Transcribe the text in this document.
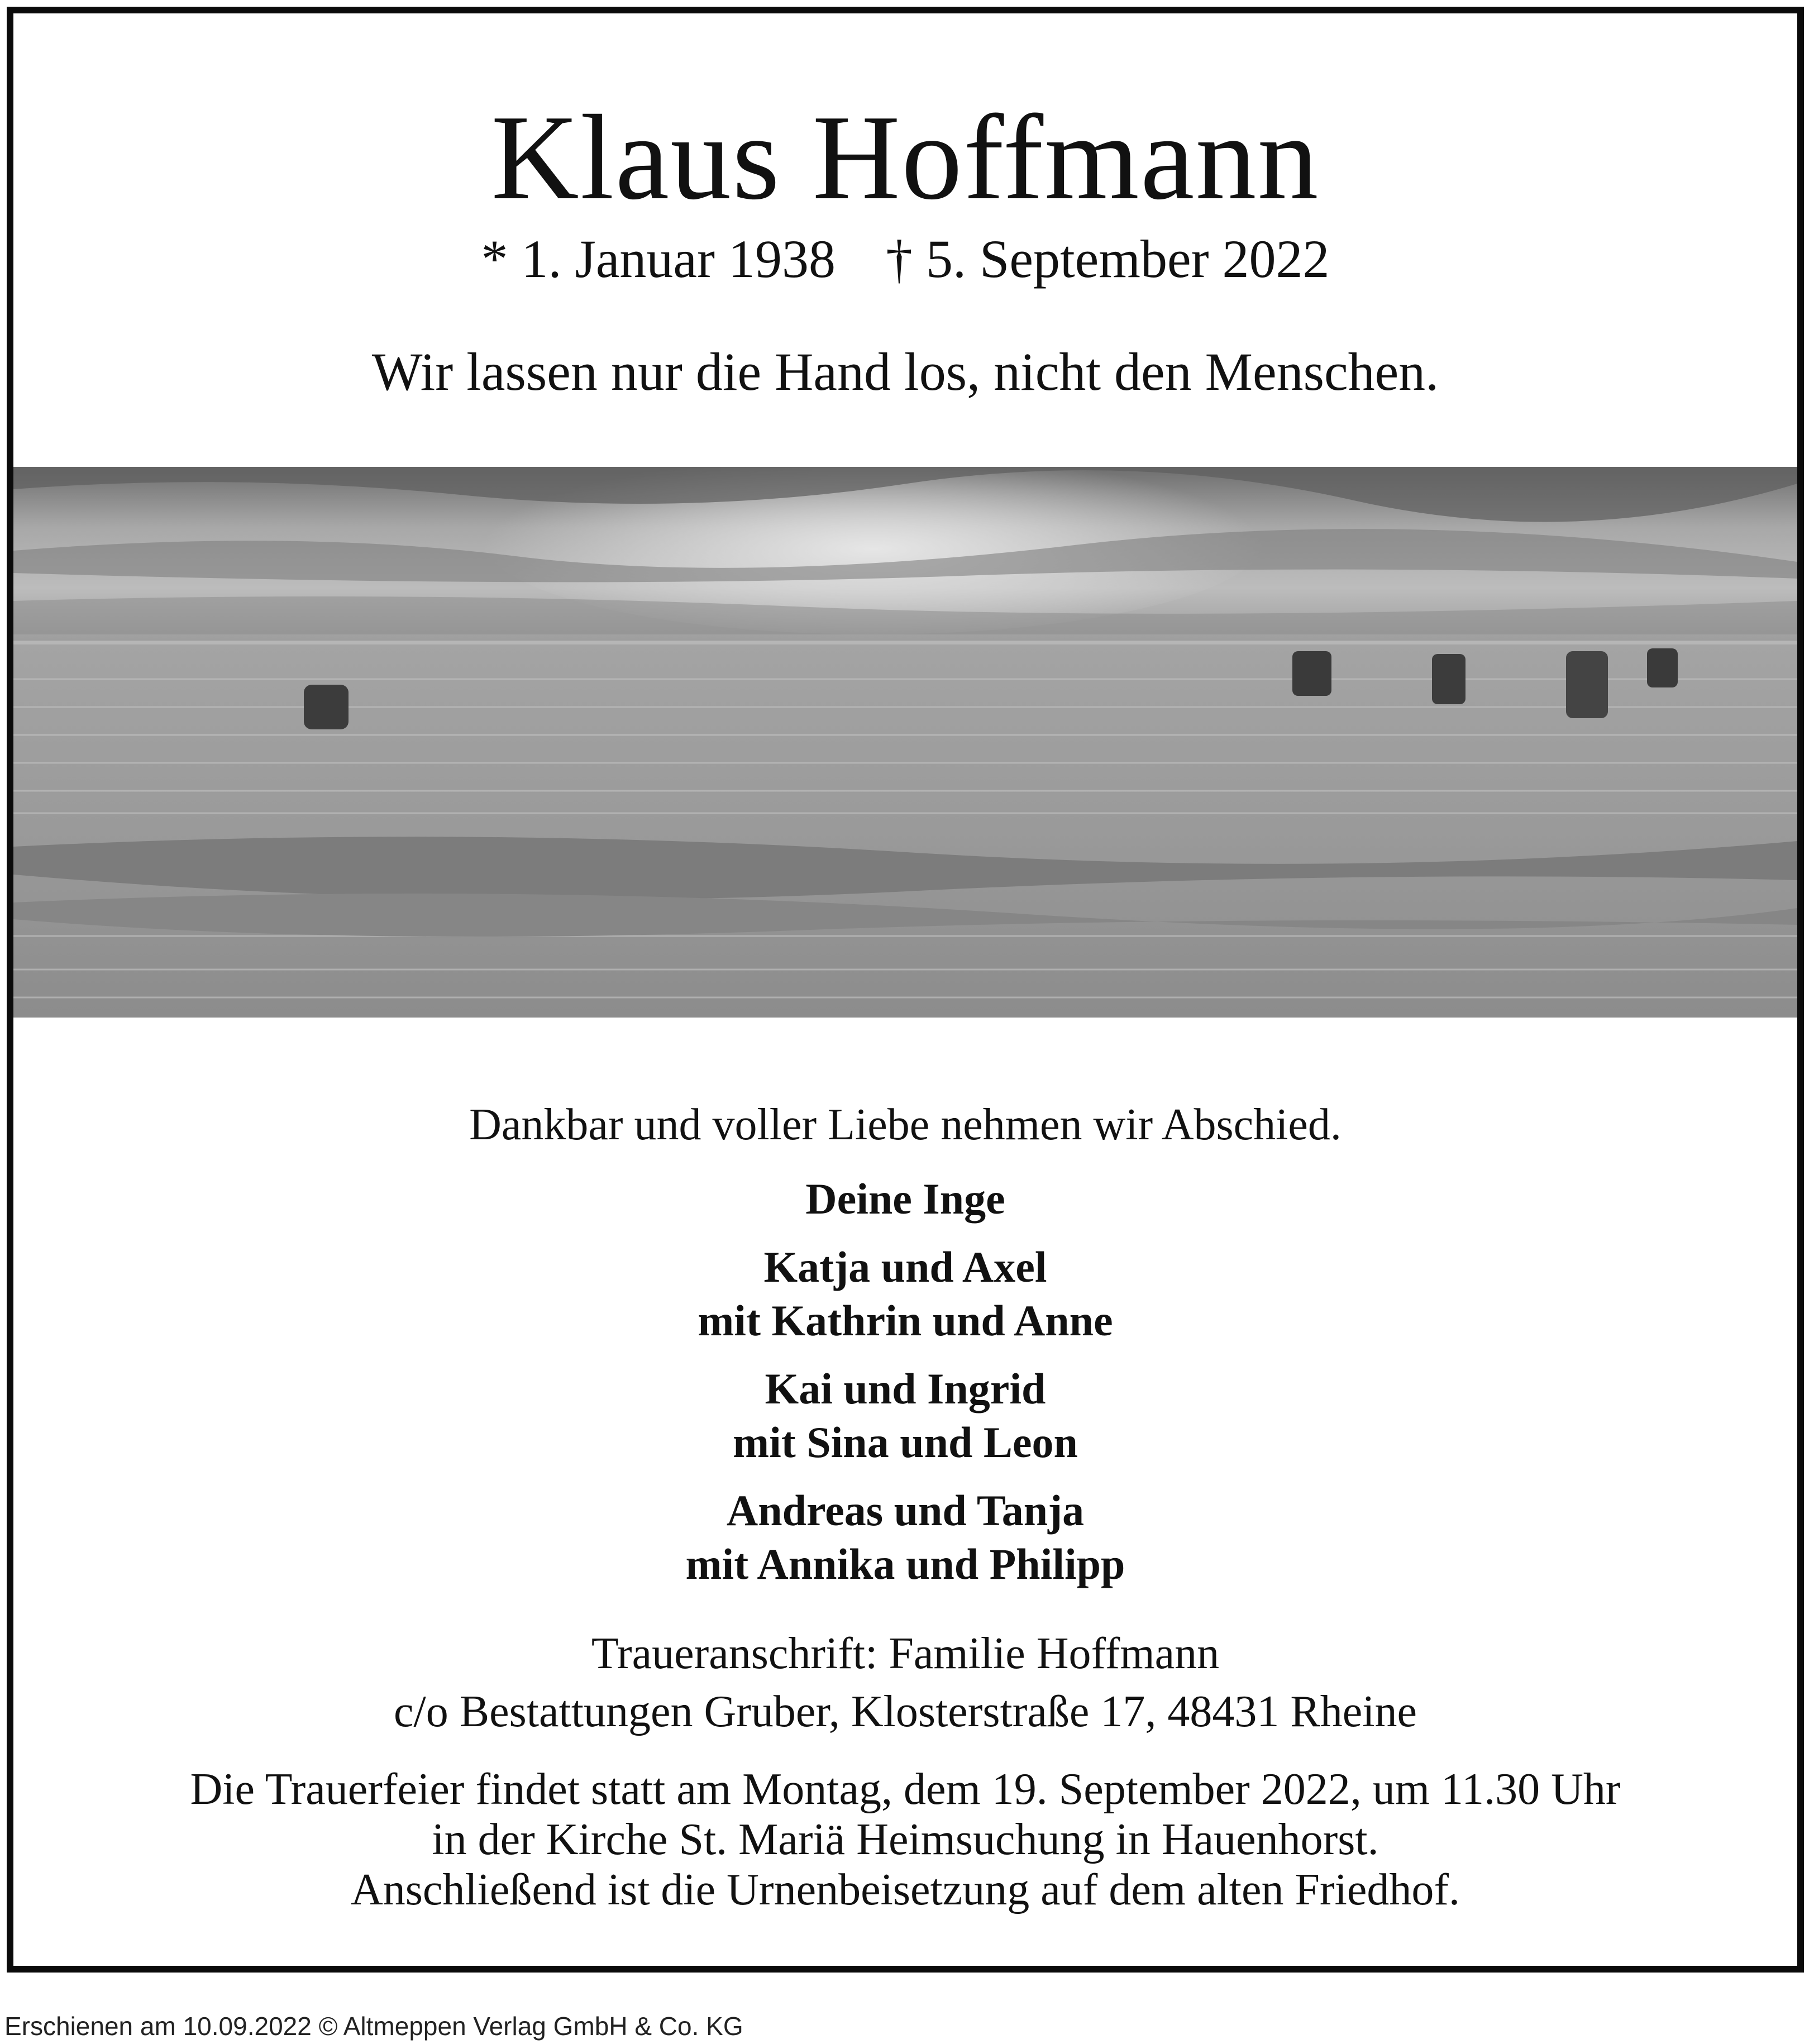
Klaus Hoffmann
* 1. Januar 1938 † 5. September 2022
Wir lassen nur die Hand los, nicht den Menschen.
Dankbar und voller Liebe nehmen wir Abschied.
Deine Inge
Katja und Axel
mit Kathrin und Anne
Kai und Ingrid
mit Sina und Leon
Andreas und Tanja
mit Annika und Philipp
Traueranschrift: Familie Hoffmann
c/o Bestattungen Gruber, Klosterstraße 17, 48431 Rheine
Die Trauerfeier findet statt am Montag, dem 19. September 2022, um 11.30 Uhr
in der Kirche St. Mariä Heimsuchung in Hauenhorst.
Anschließend ist die Urnenbeisetzung auf dem alten Friedhof.
Erschienen am 10.09.2022 © Altmeppen Verlag GmbH & Co. KG
